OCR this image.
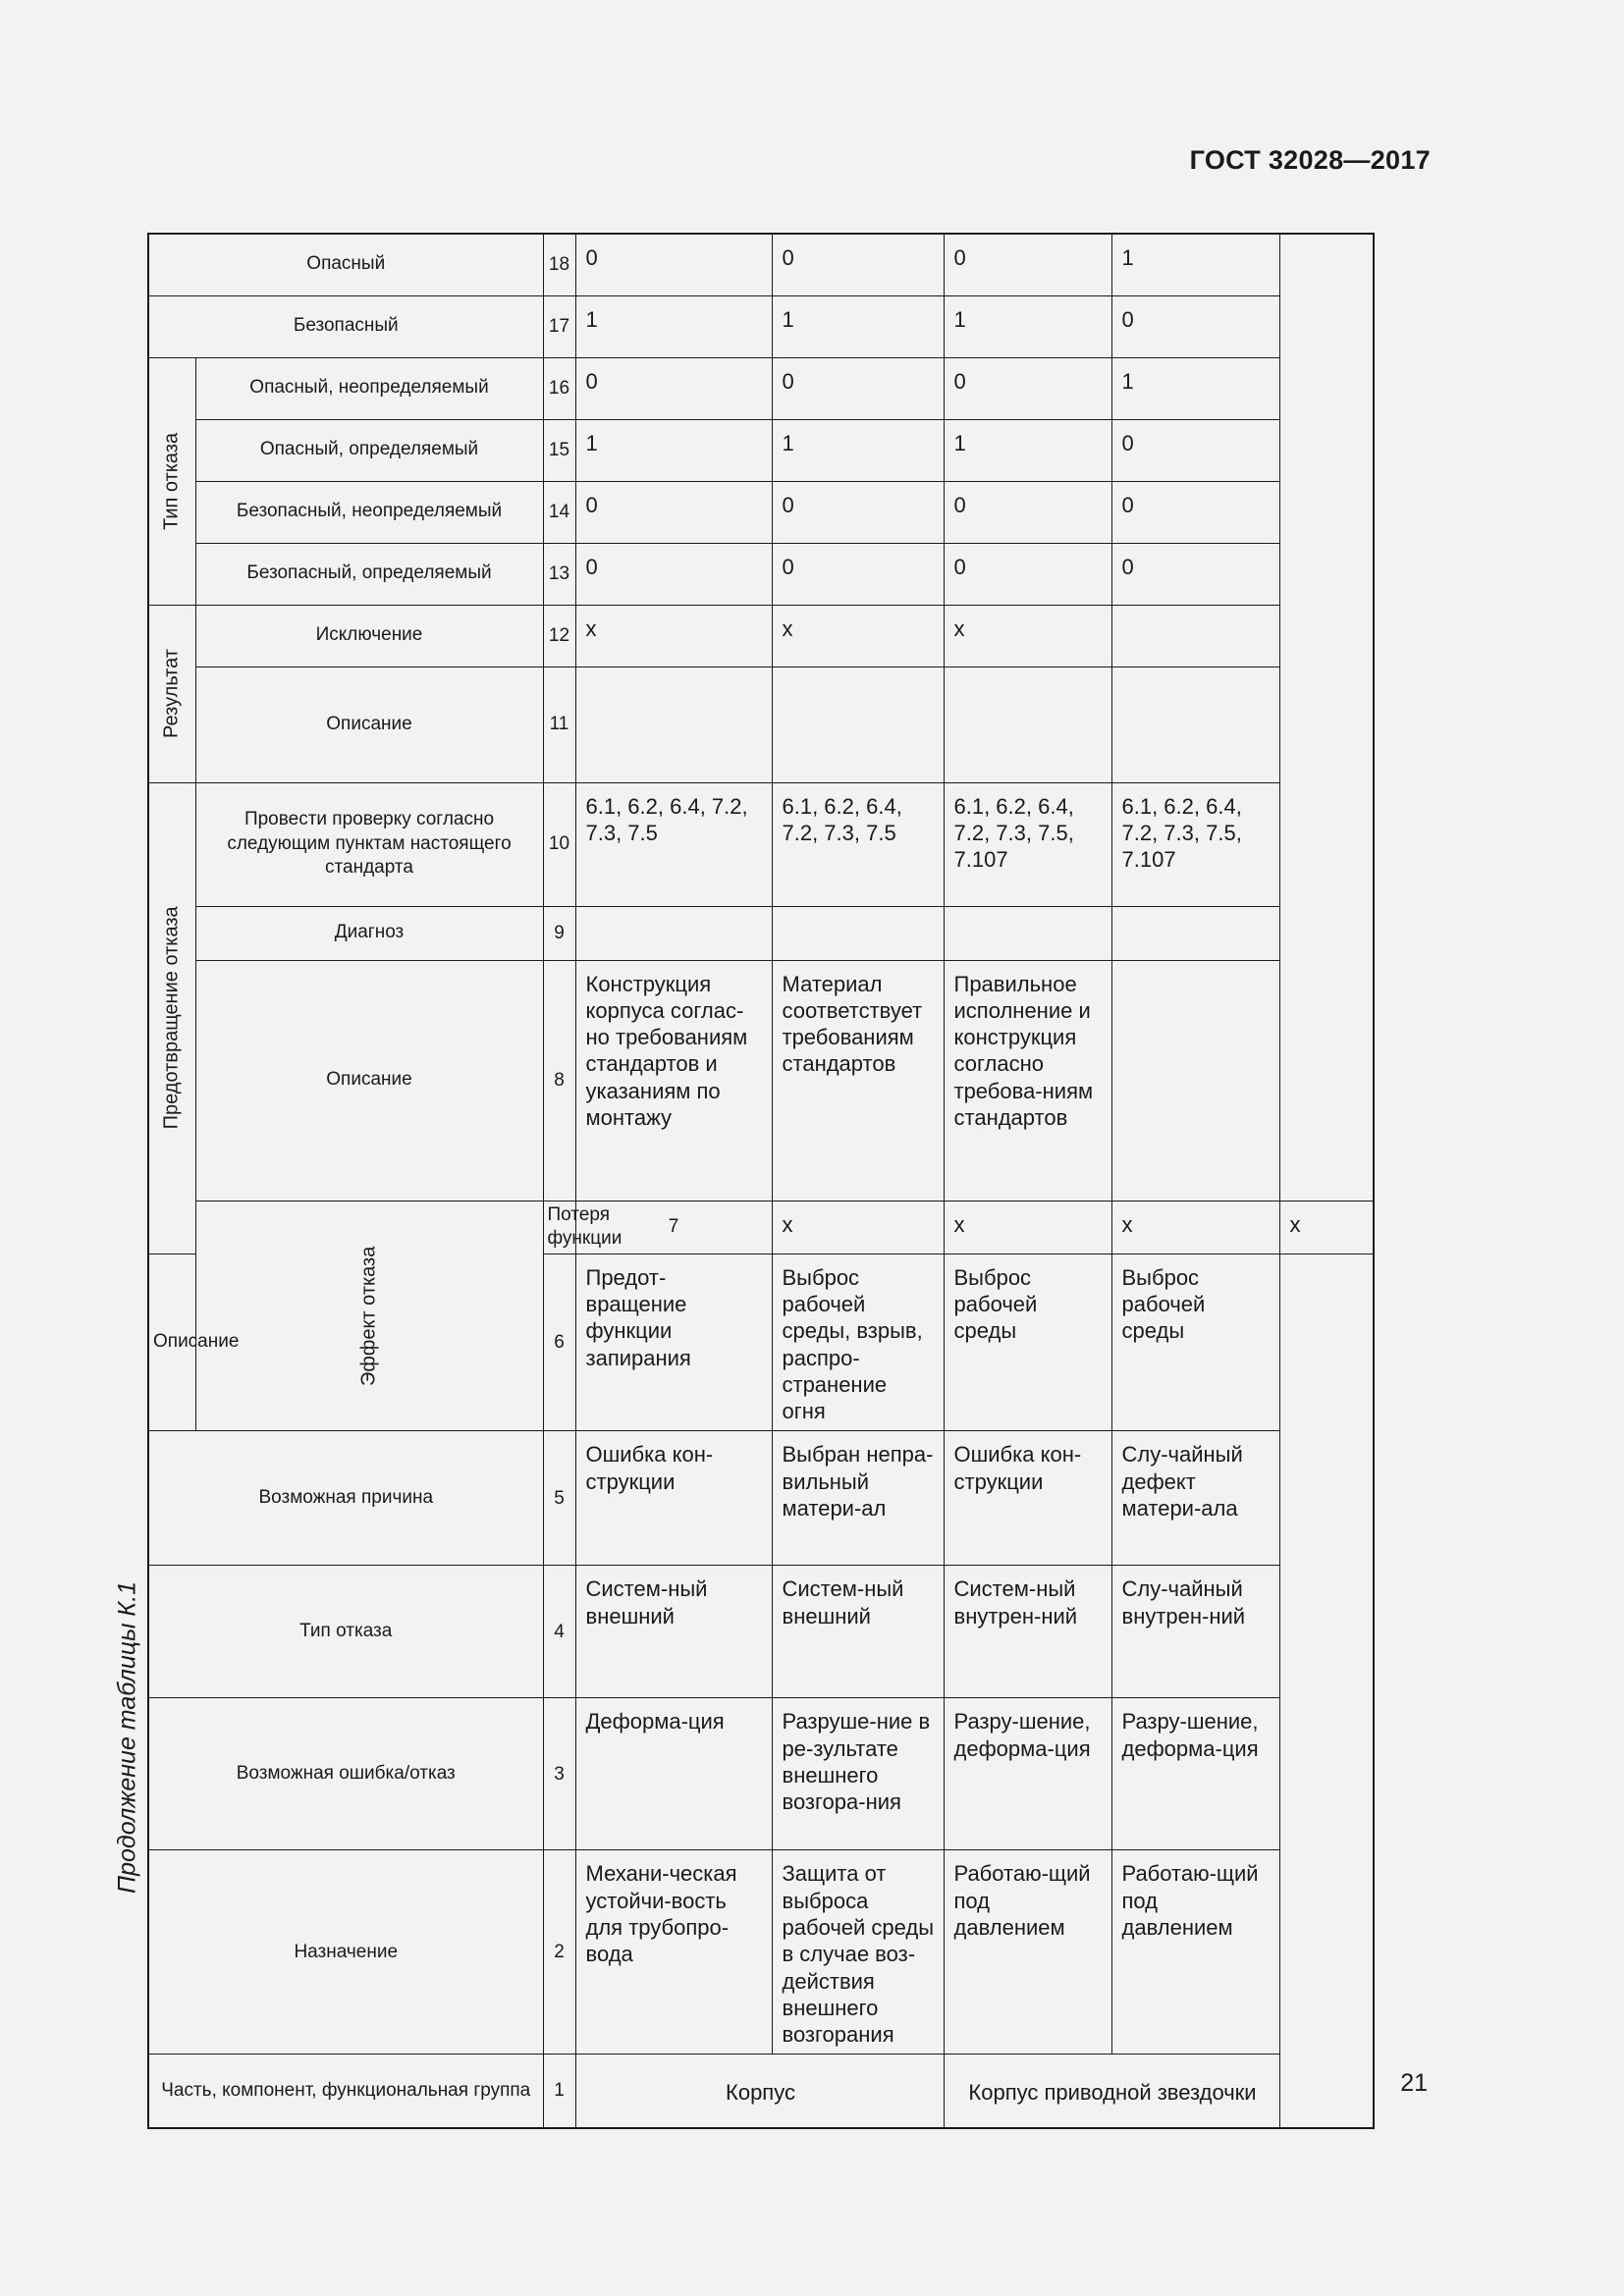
ГОСТ 32028—2017
Продолжение таблицы К.1
21
Опасный		18	0	0	0	1	
Безопасный		17	1	1	1	0	
Тип отказа	Опасный, неопределяемый	16	0	0	0	1	
	Опасный, определяемый	15	1	1	1	0	
	Безопасный, неопределяемый	14	0	0	0	0	
	Безопасный, определяемый	13	0	0	0	0	
Результат	Исключение	12	x	x	x		
	Описание	11					
Предотвращение отказа	Провести проверку согласно следующим пунктам настоящего стандарта	10	6.1, 6.2, 6.4, 7.2, 7.3, 7.5	6.1, 6.2, 6.4, 7.2, 7.3, 7.5	6.1, 6.2, 6.4, 7.2, 7.3, 7.5, 7.107	6.1, 6.2, 6.4, 7.2, 7.3, 7.5, 7.107	
	Диагноз	9					
	Описание	8	Конструкция корпуса соглас-но требованиям стандартов и указаниям по монтажу	Материал соответствует требованиям стандартов	Правильное исполнение и конструкция согласно требова-ниям стандартов		
	Эффект отказа	Потеря функции	7	x	x	x	x
Описание		6	Предот-вращение функции запирания	Выброс рабочей среды, взрыв, распро-странение огня	Выброс рабочей среды	Выброс рабочей среды	
Возможная причина		5	Ошибка кон-струкции	Выбран непра-вильный матери-ал	Ошибка кон-струкции	Слу-чайный дефект матери-ала	
Тип отказа		4	Систем-ный внешний	Систем-ный внешний	Систем-ный внутрен-ний	Слу-чайный внутрен-ний	
Возможная ошибка/отказ		3	Деформа-ция	Разруше-ние в ре-зультате внешнего возгора-ния	Разру-шение, деформа-ция	Разру-шение, деформа-ция	
Назначение		2	Механи-ческая устойчи-вость для трубопро-вода	Защита от выброса рабочей среды в случае воз-действия внешнего возгорания	Работаю-щий под давлением	Работаю-щий под давлением	
Часть, компонент, функциональная группа		1	Корпус		Корпус приводной звездочки		
